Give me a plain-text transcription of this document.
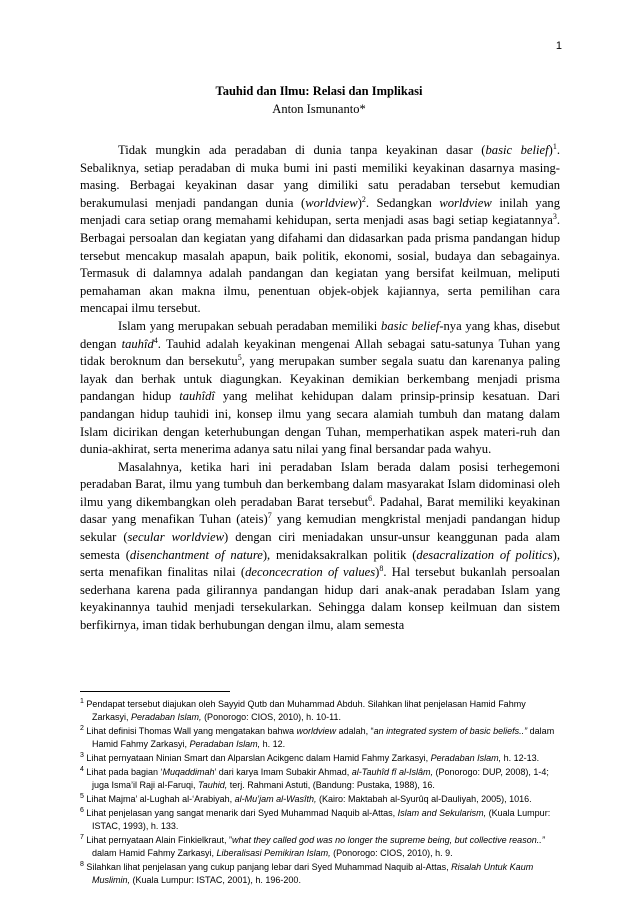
1
Tauhid dan Ilmu: Relasi dan Implikasi
Anton Ismunanto*

Tidak mungkin ada peradaban di dunia tanpa keyakinan dasar (basic belief)$^1$. Sebaliknya, setiap peradaban di muka bumi ini pasti memiliki keyakinan dasarnya masing-masing. Berbagai keyakinan dasar yang dimiliki satu peradaban tersebut kemudian berakumulasi menjadi pandangan dunia (worldview)$^2$. Sedangkan worldview inilah yang menjadi cara setiap orang memahami kehidupan, serta menjadi asas bagi setiap kegiatannya$^3$. Berbagai persoalan dan kegiatan yang difahami dan didasarkan pada prisma pandangan hidup tersebut mencakup masalah apapun, baik politik, ekonomi, sosial, budaya dan sebagainya. Termasuk di dalamnya adalah pandangan dan kegiatan yang bersifat keilmuan, meliputi pemahaman akan makna ilmu, penentuan objek-objek kajiannya, serta pemilihan cara mencapai ilmu tersebut.

Islam yang merupakan sebuah peradaban memiliki basic belief-nya yang khas, disebut dengan tauhîd$^4$. Tauhid adalah keyakinan mengenai Allah sebagai satu-satunya Tuhan yang tidak beroknum dan bersekutu$^5$, yang merupakan sumber segala suatu dan karenanya paling layak dan berhak untuk diagungkan. Keyakinan demikian berkembang menjadi prisma pandangan hidup tauhîdî yang melihat kehidupan dalam prinsip-prinsip kesatuan. Dari pandangan hidup tauhidi ini, konsep ilmu yang secara alamiah tumbuh dan matang dalam Islam dicirikan dengan keterhubungan dengan Tuhan, memperhatikan aspek materi-ruh dan dunia-akhirat, serta menerima adanya satu nilai yang final bersandar pada wahyu.

Masalahnya, ketika hari ini peradaban Islam berada dalam posisi terhegemoni peradaban Barat, ilmu yang tumbuh dan berkembang dalam masyarakat Islam didominasi oleh ilmu yang dikembangkan oleh peradaban Barat tersebut$^6$. Padahal, Barat memiliki keyakinan dasar yang menafikan Tuhan (ateis)$^7$ yang kemudian mengkristal menjadi pandangan hidup sekular (secular worldview) dengan ciri meniadakan unsur-unsur keanggunan pada alam semesta (disenchantment of nature), menidaksakralkan politik (desacralization of politics), serta menafikan finalitas nilai (deconcecration of values)$^8$. Hal tersebut bukanlah persoalan sederhana karena pada gilirannya pandangan hidup dari anak-anak peradaban Islam yang keyakinannya tauhid menjadi tersekularkan. Sehingga dalam konsep keilmuan dan sistem berfikirnya, iman tidak berhubungan dengan ilmu, alam semesta

$^1$ Pendapat tersebut diajukan oleh Sayyid Qutb dan Muhammad Abduh. Silahkan lihat penjelasan Hamid Fahmy Zarkasyi, Peradaban Islam, (Ponorogo: CIOS, 2010), h. 10-11.
$^2$ Lihat definisi Thomas Wall yang mengatakan bahwa worldview adalah, “an integrated system of basic beliefs..” dalam Hamid Fahmy Zarkasyi, Peradaban Islam, h. 12.
$^3$ Lihat pernyataan Ninian Smart dan Alparslan Acikgenc dalam Hamid Fahmy Zarkasyi, Peradaban Islam, h. 12-13.
$^4$ Lihat pada bagian ‘Muqaddimah’ dari karya Imam Subakir Ahmad, al-Tauhîd fî al-Islâm, (Ponorogo: DUP, 2008), 1-4; juga Isma’il Raji al-Faruqi, Tauhid, terj. Rahmani Astuti, (Bandung: Pustaka, 1988), 16.
$^5$ Lihat Majma’ al-Lughah al-‘Arabiyah, al-Mu’jam al-Wasîth, (Kairo: Maktabah al-Syurûq al-Dauliyah, 2005), 1016.
$^6$ Lihat penjelasan yang sangat menarik dari Syed Muhammad Naquib al-Attas, Islam and Sekularism, (Kuala Lumpur: ISTAC, 1993), h. 133.
$^7$ Lihat pernyataan Alain Finkielkraut, ”what they called god was no longer the supreme being, but collective reason..” dalam Hamid Fahmy Zarkasyi, Liberalisasi Pemikiran Islam, (Ponorogo: CIOS, 2010), h. 9.
$^8$ Silahkan lihat penjelasan yang cukup panjang lebar dari Syed Muhammad Naquib al-Attas, Risalah Untuk Kaum Muslimin, (Kuala Lumpur: ISTAC, 2001), h. 196-200.
